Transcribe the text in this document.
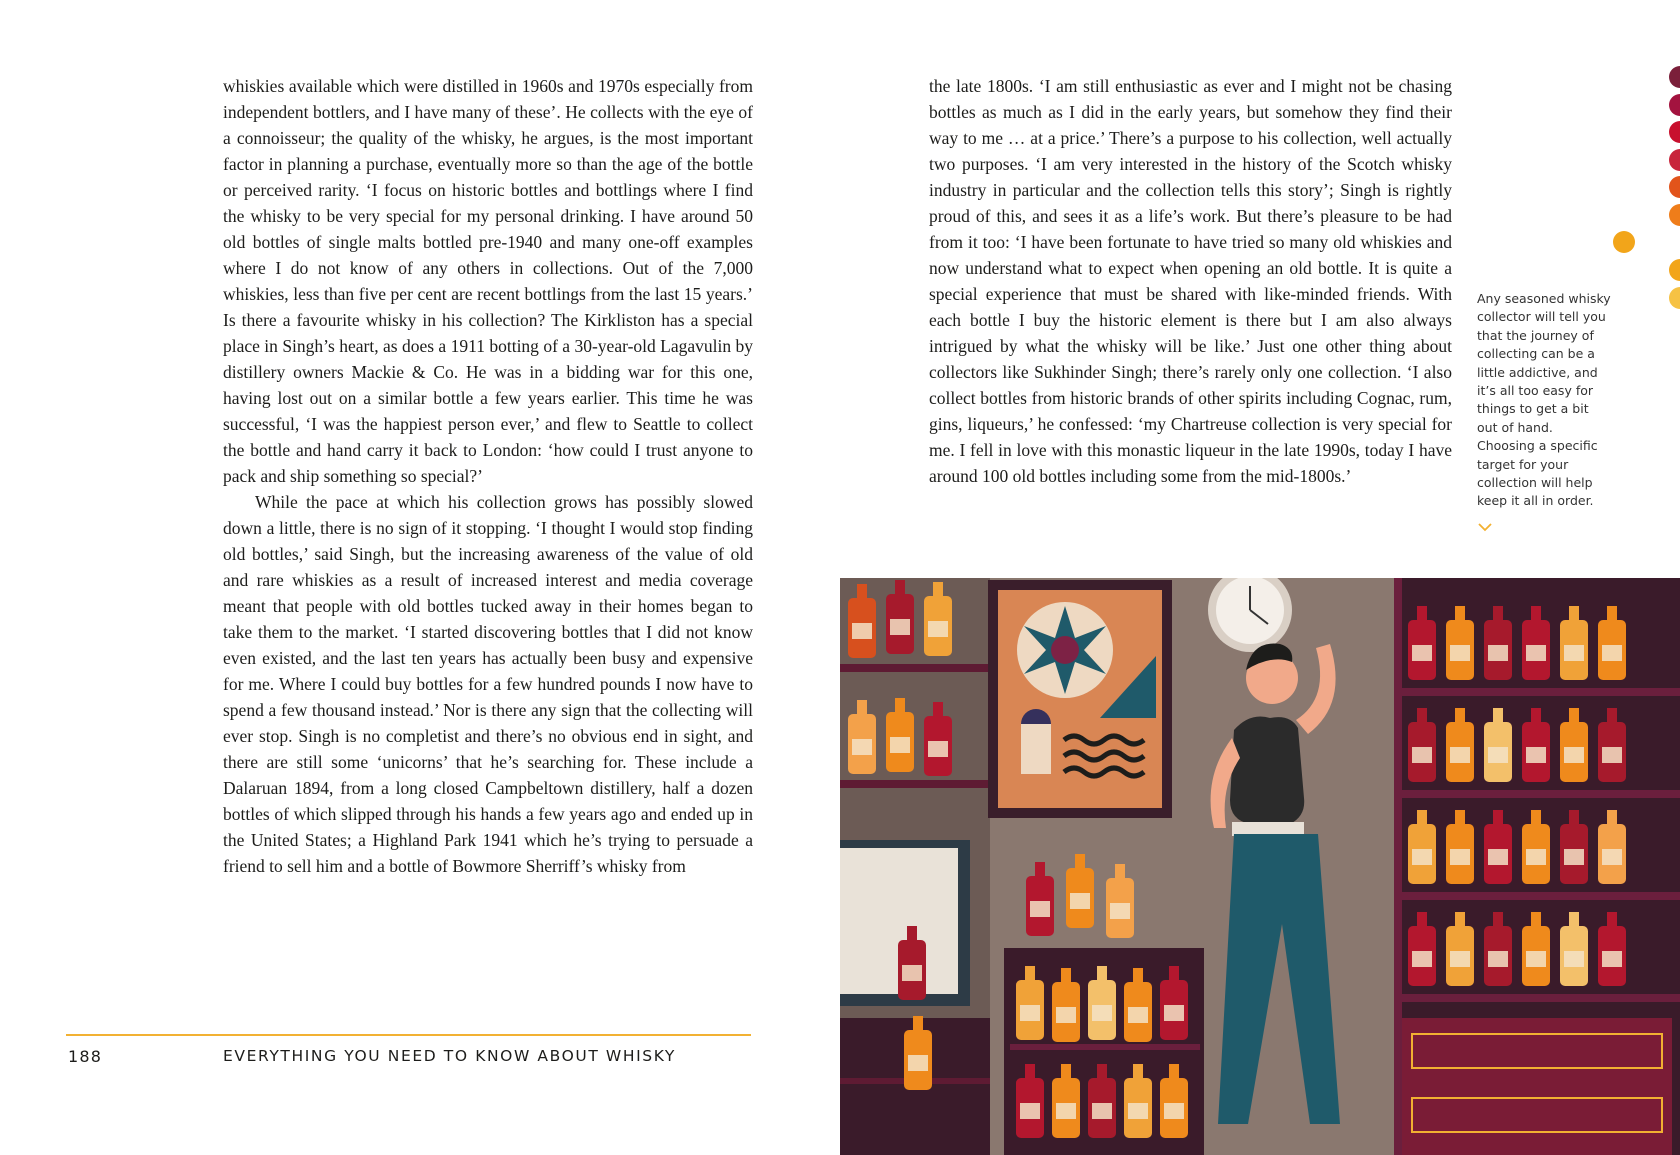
whiskies available which were distilled in 1960s and 1970s especially from independent bottlers, and I have many of these’. He collects with the eye of a connoisseur; the quality of the whisky, he argues, is the most important factor in planning a purchase, eventually more so than the age of the bottle or perceived rarity. ‘I focus on historic bottles and bottlings where I find the whisky to be very special for my personal drinking. I have around 50 old bottles of single malts bottled pre-1940 and many one-off examples where I do not know of any others in collections. Out of the 7,000 whiskies, less than five per cent are recent bottlings from the last 15 years.’ Is there a favourite whisky in his collection? The Kirkliston has a special place in Singh’s heart, as does a 1911 botting of a 30-year-old Lagavulin by distillery owners Mackie & Co. He was in a bidding war for this one, having lost out on a similar bottle a few years earlier. This time he was successful, ‘I was the happiest person ever,’ and flew to Seattle to collect the bottle and hand carry it back to London: ‘how could I trust anyone to pack and ship something so special?’

While the pace at which his collection grows has possibly slowed down a little, there is no sign of it stopping. ‘I thought I would stop finding old bottles,’ said Singh, but the increasing awareness of the value of old and rare whiskies as a result of increased interest and media coverage meant that people with old bottles tucked away in their homes began to take them to the market. ‘I started discovering bottles that I did not know even existed, and the last ten years has actually been busy and expensive for me. Where I could buy bottles for a few hundred pounds I now have to spend a few thousand instead.’ Nor is there any sign that the collecting will ever stop. Singh is no completist and there’s no obvious end in sight, and there are still some ‘unicorns’ that he’s searching for. These include a Dalaruan 1894, from a long closed Campbeltown distillery, half a dozen bottles of which slipped through his hands a few years ago and ended up in the United States; a Highland Park 1941 which he’s trying to persuade a friend to sell him and a bottle of Bowmore Sherriff’s whisky from

188	EVERYTHING YOU NEED TO KNOW ABOUT WHISKY

the late 1800s. ‘I am still enthusiastic as ever and I might not be chasing bottles as much as I did in the early years, but somehow they find their way to me … at a price.’ There’s a purpose to his collection, well actually two purposes. ‘I am very interested in the history of the Scotch whisky industry in particular and the collection tells this story’; Singh is rightly proud of this, and sees it as a life’s work. But there’s pleasure to be had from it too: ‘I have been fortunate to have tried so many old whiskies and now understand what to expect when opening an old bottle. It is quite a special experience that must be shared with like-minded friends. With each bottle I buy the historic element is there but I am also always intrigued by what the whisky will be like.’ Just one other thing about collectors like Sukhinder Singh; there’s rarely only one collection. ‘I also collect bottles from historic brands of other spirits including Cognac, rum, gins, liqueurs,’ he confessed: ‘my Chartreuse collection is very special for me. I fell in love with this monastic liqueur in the late 1990s, today I have around 100 old bottles including some from the mid-1800s.’

Any seasoned whisky collector will tell you that the journey of collecting can be a little addictive, and it’s all too easy for things to get a bit out of hand. Choosing a specific target for your collection will help keep it all in order.
